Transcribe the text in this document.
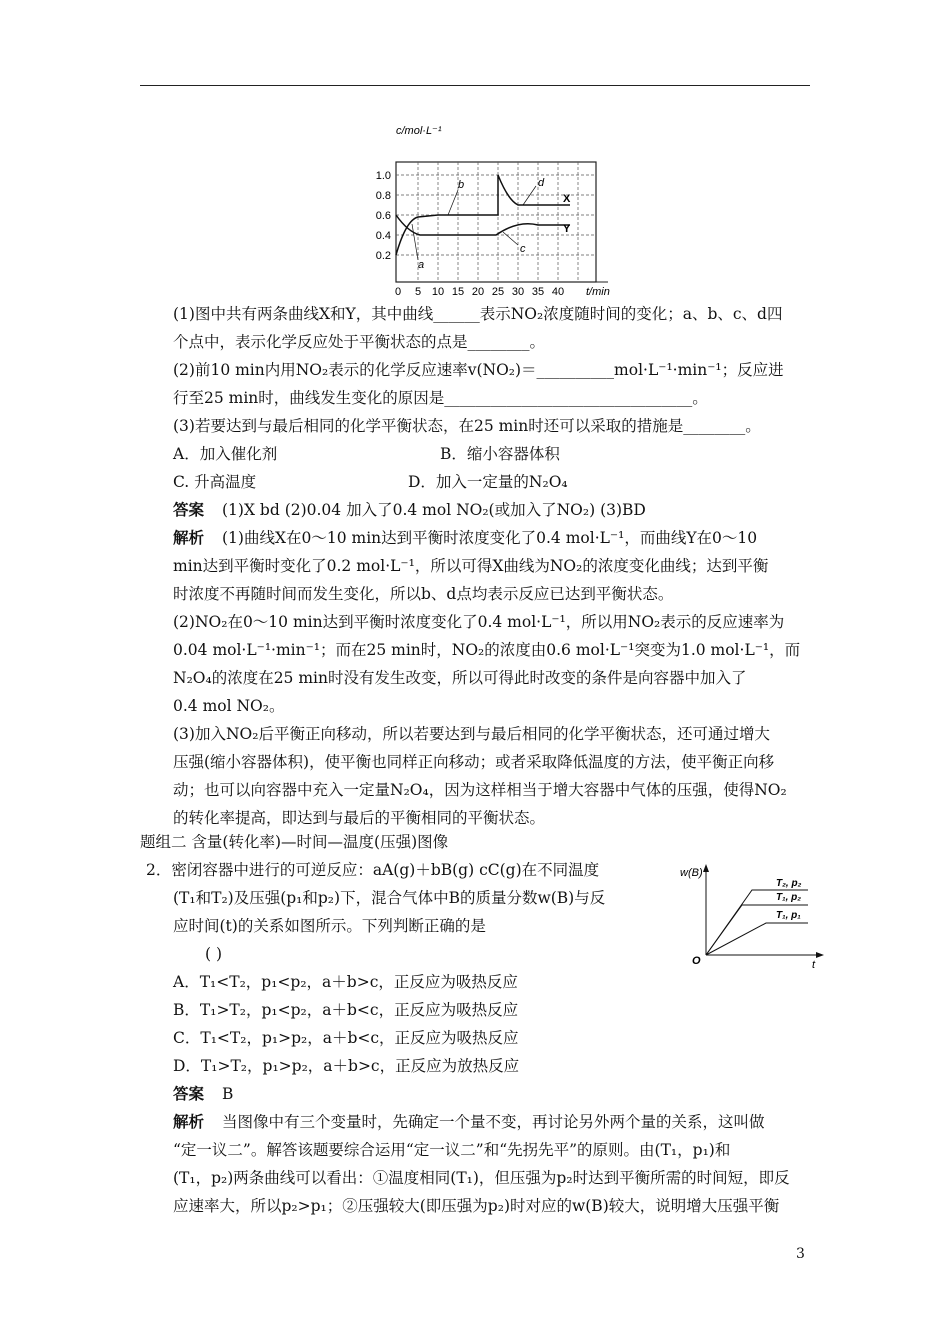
c/mol·L⁻¹
1.0
0.8
0.6
0.4
0.2
0 5 10 15 20 25 30 35 40 t/min
X
Y
a
b
c
d
(1)图中共有两条曲线X和Y，其中曲线______表示NO₂浓度随时间的变化；a、b、c、d四
个点中，表示化学反应处于平衡状态的点是________。
(2)前10 min内用NO₂表示的化学反应速率v(NO₂)＝__________mol·L⁻¹·min⁻¹；反应进
行至25 min时，曲线发生变化的原因是________________________________。
(3)若要达到与最后相同的化学平衡状态，在25 min时还可以采取的措施是________。
A．加入催化剂	B．缩小容器体积
C. 升高温度	D．加入一定量的N₂O₄
答案 (1)X bd (2)0.04 加入了0.4 mol NO₂(或加入了NO₂) (3)BD
解析 (1)曲线X在0～10 min达到平衡时浓度变化了0.4 mol·L⁻¹，而曲线Y在0～10
min达到平衡时变化了0.2 mol·L⁻¹，所以可得X曲线为NO₂的浓度变化曲线；达到平衡
时浓度不再随时间而发生变化，所以b、d点均表示反应已达到平衡状态。
(2)NO₂在0～10 min达到平衡时浓度变化了0.4 mol·L⁻¹，所以用NO₂表示的反应速率为
0.04 mol·L⁻¹·min⁻¹；而在25 min时，NO₂的浓度由0.6 mol·L⁻¹突变为1.0 mol·L⁻¹，而
N₂O₄的浓度在25 min时没有发生改变，所以可得此时改变的条件是向容器中加入了
0.4 mol NO₂。
(3)加入NO₂后平衡正向移动，所以若要达到与最后相同的化学平衡状态，还可通过增大
压强(缩小容器体积)，使平衡也同样正向移动；或者采取降低温度的方法，使平衡正向移
动；也可以向容器中充入一定量N₂O₄，因为这样相当于增大容器中气体的压强，使得NO₂
的转化率提高，即达到与最后的平衡相同的平衡状态。
题组二 含量(转化率)—时间—温度(压强)图像
2．密闭容器中进行的可逆反应：aA(g)＋bB(g) cC(g)在不同温度
(T₁和T₂)及压强(p₁和p₂)下，混合气体中B的质量分数w(B)与反
应时间(t)的关系如图所示。下列判断正确的是
( )
A．T₁<T₂，p₁<p₂，a＋b>c，正反应为吸热反应
B．T₁>T₂，p₁<p₂，a＋b<c，正反应为吸热反应
C．T₁<T₂，p₁>p₂，a＋b<c，正反应为吸热反应
D．T₁>T₂，p₁>p₂，a＋b>c，正反应为放热反应
答案 B
解析 当图像中有三个变量时，先确定一个量不变，再讨论另外两个量的关系，这叫做
“定一议二”。解答该题要综合运用“定一议二”和“先拐先平”的原则。由(T₁，p₁)和
(T₁，p₂)两条曲线可以看出：①温度相同(T₁)，但压强为p₂时达到平衡所需的时间短，即反
应速率大，所以p₂>p₁；②压强较大(即压强为p₂)时对应的w(B)较大，说明增大压强平衡
w(B)
t
O
T₂, p₂
T₁, p₂
T₁, p₁
3
